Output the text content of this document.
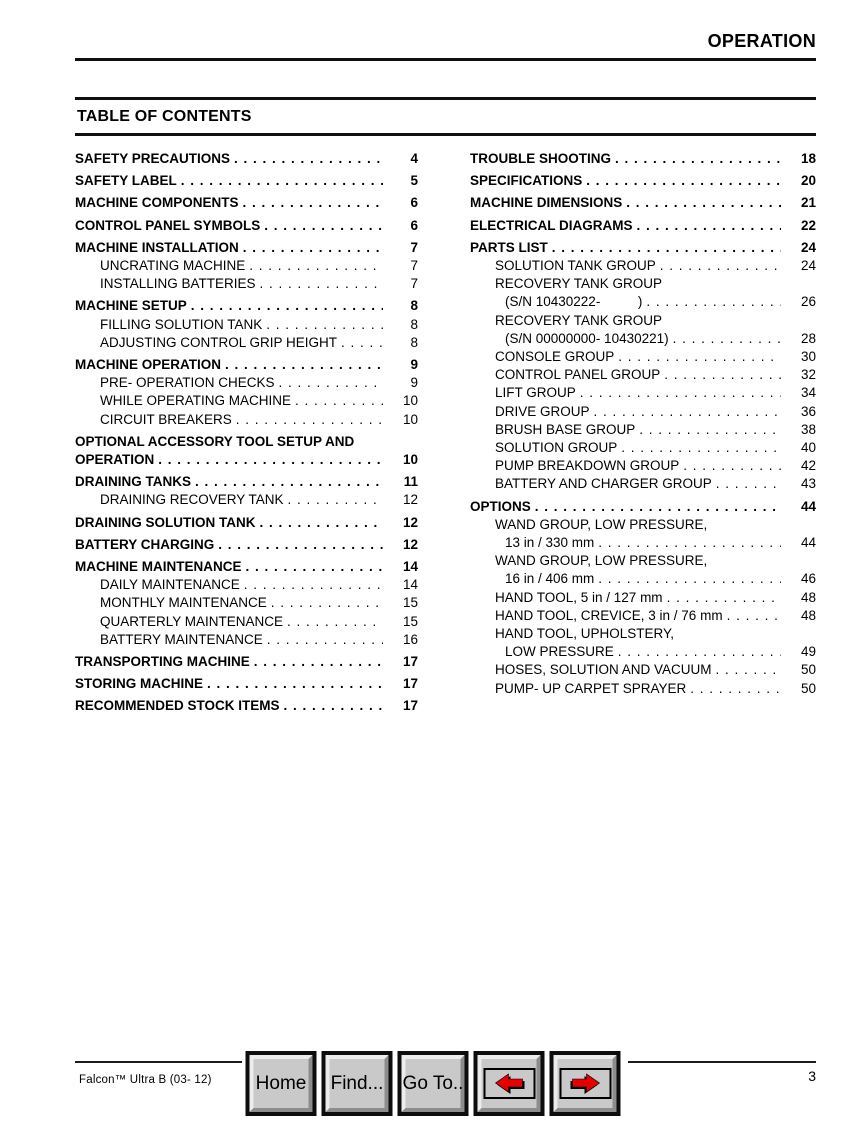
OPERATION
TABLE OF CONTENTS
SAFETY PRECAUTIONS . . .	4
SAFETY LABEL . . .	5
MACHINE COMPONENTS . . .	6
CONTROL PANEL SYMBOLS . . .	6
MACHINE INSTALLATION . . .	7
UNCRATING MACHINE . . .	7
INSTALLING BATTERIES . . .	7
MACHINE SETUP . . .	8
FILLING SOLUTION TANK . . .	8
ADJUSTING CONTROL GRIP HEIGHT . . .	8
MACHINE OPERATION . . .	9
PRE- OPERATION CHECKS . . .	9
WHILE OPERATING MACHINE . . .	10
CIRCUIT BREAKERS . . .	10
OPTIONAL ACCESSORY TOOL SETUP AND
OPERATION . . .	10
DRAINING TANKS . . .	11
DRAINING RECOVERY TANK . . .	12
DRAINING SOLUTION TANK . . .	12
BATTERY CHARGING . . .	12
MACHINE MAINTENANCE . . .	14
DAILY MAINTENANCE . . .	14
MONTHLY MAINTENANCE . . .	15
QUARTERLY MAINTENANCE . . .	15
BATTERY MAINTENANCE . . .	16
TRANSPORTING MACHINE . . .	17
STORING MACHINE . . .	17
RECOMMENDED STOCK ITEMS . . .	17
TROUBLE SHOOTING . . .	18
SPECIFICATIONS . . .	20
MACHINE DIMENSIONS . . .	21
ELECTRICAL DIAGRAMS . . .	22
PARTS LIST . . .	24
SOLUTION TANK GROUP . . .	24
RECOVERY TANK GROUP
(S/N 10430222-          ) . . .	26
RECOVERY TANK GROUP
(S/N 00000000- 10430221) . . .	28
CONSOLE GROUP . . .	30
CONTROL PANEL GROUP . . .	32
LIFT GROUP . . .	34
DRIVE GROUP . . .	36
BRUSH BASE GROUP . . .	38
SOLUTION GROUP . . .	40
PUMP BREAKDOWN GROUP . . .	42
BATTERY AND CHARGER GROUP . . .	43
OPTIONS . . .	44
WAND GROUP, LOW PRESSURE,
13 in / 330 mm . . .	44
WAND GROUP, LOW PRESSURE,
16 in / 406 mm . . .	46
HAND TOOL, 5 in / 127 mm . . .	48
HAND TOOL, CREVICE, 3 in / 76 mm . . .	48
HAND TOOL, UPHOLSTERY,
LOW PRESSURE . . .	49
HOSES, SOLUTION AND VACUUM . . .	50
PUMP- UP CARPET SPRAYER . . .	50
Falcon™ Ultra B (03- 12)	3
Home Find... Go To..
